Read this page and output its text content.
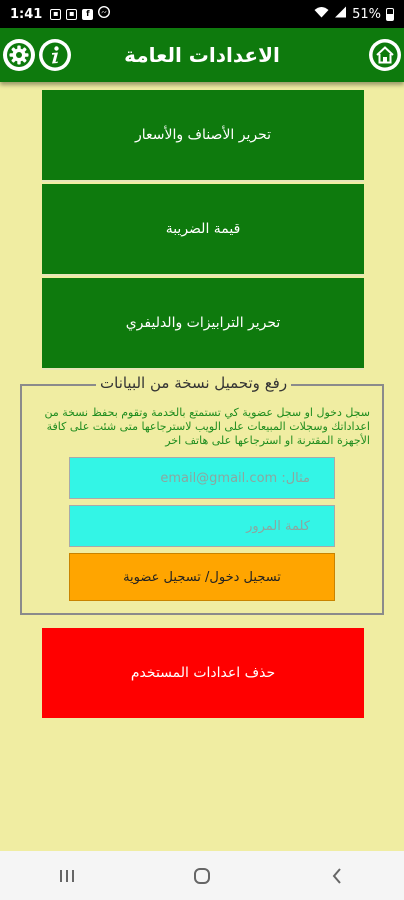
1:41	▪	▪	f	51%
الاعدادات العامة
تحرير الأصناف والأسعار
قيمة الضريبة
تحرير الترابيزات والدليفري
رفع وتحميل نسخة من البيانات
سجل دخول او سجل عضوية كي تستمتع بالخدمة وتقوم بحفظ نسخة من اعداداتك وسجلات المبيعات على الويب لاسترجاعها متى شئت على كافة الأجهزة المقترنة او استرجاعها على هاتف اخر
مثال: email@gmail.com
تسجيل دخول/ تسجيل عضوية
حذف اعدادات المستخدم
